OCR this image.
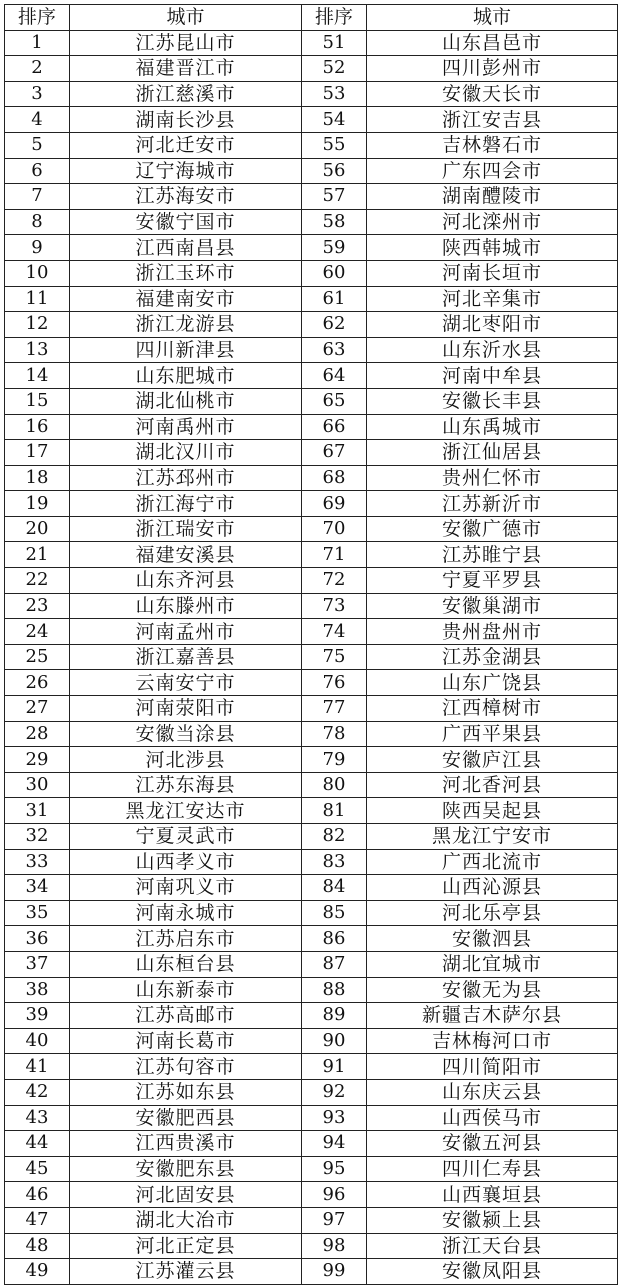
排序	城市	排序	城市
1	江苏昆山市	51	山东昌邑市
2	福建晋江市	52	四川彭州市
3	浙江慈溪市	53	安徽天长市
4	湖南长沙县	54	浙江安吉县
5	河北迁安市	55	吉林磐石市
6	辽宁海城市	56	广东四会市
7	江苏海安市	57	湖南醴陵市
8	安徽宁国市	58	河北滦州市
9	江西南昌县	59	陕西韩城市
10	浙江玉环市	60	河南长垣市
11	福建南安市	61	河北辛集市
12	浙江龙游县	62	湖北枣阳市
13	四川新津县	63	山东沂水县
14	山东肥城市	64	河南中牟县
15	湖北仙桃市	65	安徽长丰县
16	河南禹州市	66	山东禹城市
17	湖北汉川市	67	浙江仙居县
18	江苏邳州市	68	贵州仁怀市
19	浙江海宁市	69	江苏新沂市
20	浙江瑞安市	70	安徽广德市
21	福建安溪县	71	江苏睢宁县
22	山东齐河县	72	宁夏平罗县
23	山东滕州市	73	安徽巢湖市
24	河南孟州市	74	贵州盘州市
25	浙江嘉善县	75	江苏金湖县
26	云南安宁市	76	山东广饶县
27	河南荥阳市	77	江西樟树市
28	安徽当涂县	78	广西平果县
29	河北涉县	79	安徽庐江县
30	江苏东海县	80	河北香河县
31	黑龙江安达市	81	陕西吴起县
32	宁夏灵武市	82	黑龙江宁安市
33	山西孝义市	83	广西北流市
34	河南巩义市	84	山西沁源县
35	河南永城市	85	河北乐亭县
36	江苏启东市	86	安徽泗县
37	山东桓台县	87	湖北宜城市
38	山东新泰市	88	安徽无为县
39	江苏高邮市	89	新疆吉木萨尔县
40	河南长葛市	90	吉林梅河口市
41	江苏句容市	91	四川简阳市
42	江苏如东县	92	山东庆云县
43	安徽肥西县	93	山西侯马市
44	江西贵溪市	94	安徽五河县
45	安徽肥东县	95	四川仁寿县
46	河北固安县	96	山西襄垣县
47	湖北大冶市	97	安徽颍上县
48	河北正定县	98	浙江天台县
49	江苏灌云县	99	安徽凤阳县
